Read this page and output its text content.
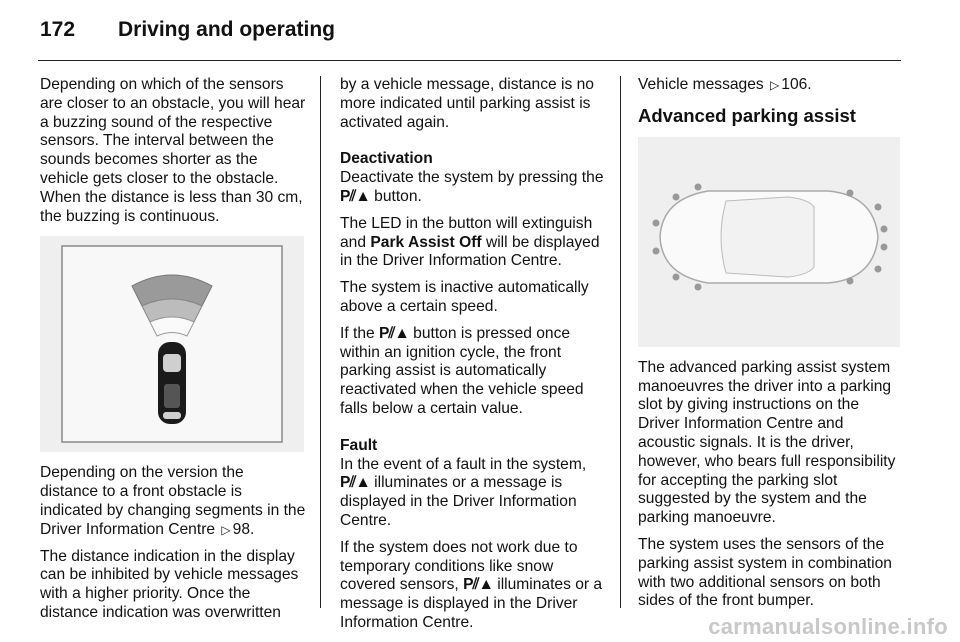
172 Driving and operating

Depending on which of the sensors are closer to an obstacle, you will hear a buzzing sound of the respective sensors. The interval between the sounds becomes shorter as the vehicle gets closer to the obstacle. When the distance is less than 30 cm, the buzzing is continuous.

Depending on the version the distance to a front obstacle is indicated by changing segments in the Driver Information Centre ▷ 98.

The distance indication in the display can be inhibited by vehicle messages with a higher priority. Once the distance indication was overwritten

by a vehicle message, distance is no more indicated until parking assist is activated again.

Deactivation

Deactivate the system by pressing the P⫽▲ button.

The LED in the button will extinguish and Park Assist Off will be displayed in the Driver Information Centre.

The system is inactive automatically above a certain speed.

If the P⫽▲ button is pressed once within an ignition cycle, the front parking assist is automatically reactivated when the vehicle speed falls below a certain value.

Fault

In the event of a fault in the system, P⫽▲ illuminates or a message is displayed in the Driver Information Centre.

If the system does not work due to temporary conditions like snow covered sensors, P⫽▲ illuminates or a message is displayed in the Driver Information Centre.

Vehicle messages ▷ 106.

Advanced parking assist

The advanced parking assist system manoeuvres the driver into a parking slot by giving instructions on the Driver Information Centre and acoustic signals. It is the driver, however, who bears full responsibility for accepting the parking slot suggested by the system and the parking manoeuvre.

The system uses the sensors of the parking assist system in combination with two additional sensors on both sides of the front bumper.

carmanualsonline.info
